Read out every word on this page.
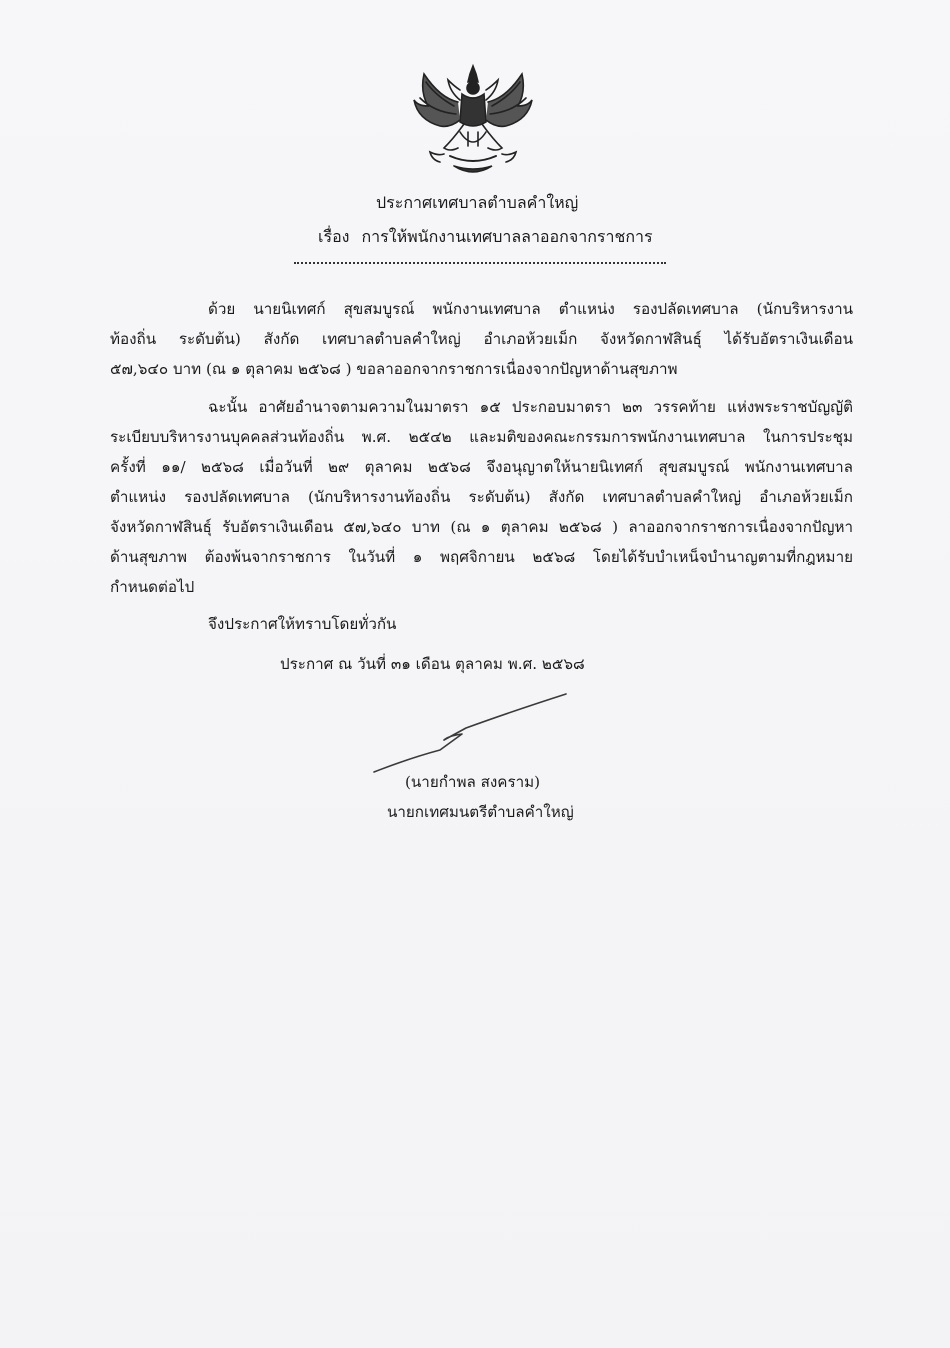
ประกาศเทศบาลตำบลคำใหญ่
เรื่อง การให้พนักงานเทศบาลลาออกจากราชการ
ด้วย นายนิเทศก์ สุขสมบูรณ์ พนักงานเทศบาล ตำแหน่ง รองปลัดเทศบาล (นักบริหารงาน
ท้องถิ่น ระดับต้น) สังกัด เทศบาลตำบลคำใหญ่ อำเภอห้วยเม็ก จังหวัดกาฬสินธุ์ ได้รับอัตราเงินเดือน
๕๗,๖๔๐ บาท (ณ ๑ ตุลาคม ๒๕๖๘ ) ขอลาออกจากราชการเนื่องจากปัญหาด้านสุขภาพ
ฉะนั้น อาศัยอำนาจตามความในมาตรา ๑๕ ประกอบมาตรา ๒๓ วรรคท้าย แห่งพระราชบัญญัติ
ระเบียบบริหารงานบุคคลส่วนท้องถิ่น พ.ศ. ๒๕๔๒ และมติของคณะกรรมการพนักงานเทศบาล ในการประชุม
ครั้งที่ ๑๑/ ๒๕๖๘ เมื่อวันที่ ๒๙ ตุลาคม ๒๕๖๘ จึงอนุญาตให้นายนิเทศก์ สุขสมบูรณ์ พนักงานเทศบาล
ตำแหน่ง รองปลัดเทศบาล (นักบริหารงานท้องถิ่น ระดับต้น) สังกัด เทศบาลตำบลคำใหญ่ อำเภอห้วยเม็ก
จังหวัดกาฬสินธุ์ รับอัตราเงินเดือน ๕๗,๖๔๐ บาท (ณ ๑ ตุลาคม ๒๕๖๘ ) ลาออกจากราชการเนื่องจากปัญหา
ด้านสุขภาพ ต้องพ้นจากราชการ ในวันที่ ๑ พฤศจิกายน ๒๕๖๘ โดยได้รับบำเหน็จบำนาญตามที่กฎหมาย
กำหนดต่อไป
จึงประกาศให้ทราบโดยทั่วกัน
ประกาศ ณ วันที่ ๓๑ เดือน ตุลาคม พ.ศ. ๒๕๖๘
(นายกำพล สงคราม)
นายกเทศมนตรีตำบลคำใหญ่
